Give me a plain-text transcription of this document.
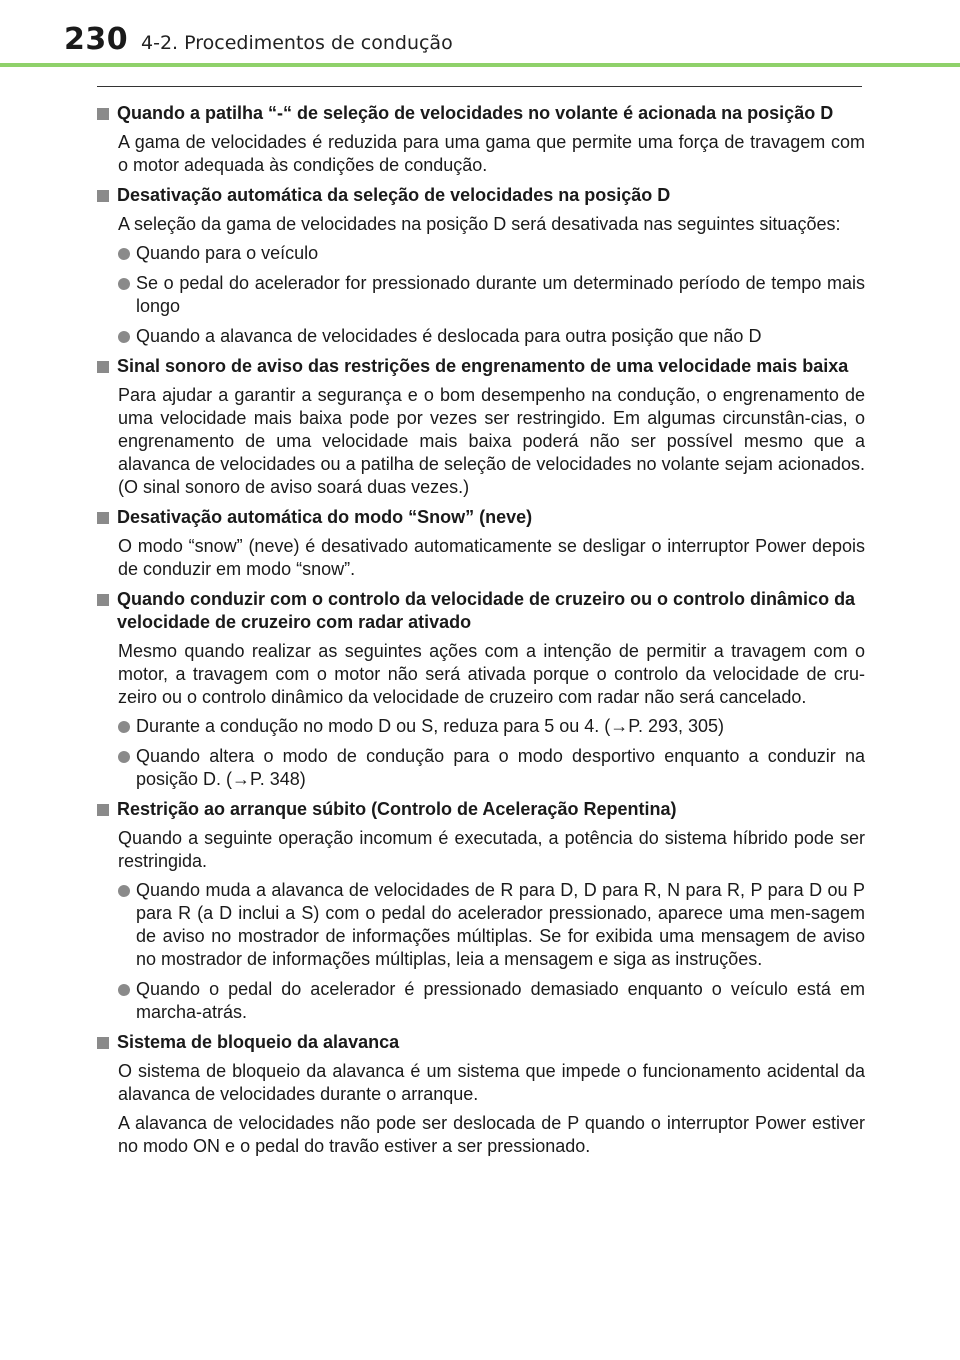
230 4-2. Procedimentos de condução
Quando a patilha “-“ de seleção de velocidades no volante é acionada na posição D
A gama de velocidades é reduzida para uma gama que permite uma força de travagem com o motor adequada às condições de condução.
Desativação automática da seleção de velocidades na posição D
A seleção da gama de velocidades na posição D será desativada nas seguintes situações:
Quando para o veículo
Se o pedal do acelerador for pressionado durante um determinado período de tempo mais longo
Quando a alavanca de velocidades é deslocada para outra posição que não D
Sinal sonoro de aviso das restrições de engrenamento de uma velocidade mais baixa
Para ajudar a garantir a segurança e o bom desempenho na condução, o engrenamento de uma velocidade mais baixa pode por vezes ser restringido. Em algumas circunstân-cias, o engrenamento de uma velocidade mais baixa poderá não ser possível mesmo que a alavanca de velocidades ou a patilha de seleção de velocidades no volante sejam acionados. (O sinal sonoro de aviso soará duas vezes.)
Desativação automática do modo “Snow” (neve)
O modo “snow” (neve) é desativado automaticamente se desligar o interruptor Power depois de conduzir em modo “snow”.
Quando conduzir com o controlo da velocidade de cruzeiro ou o controlo dinâmico da velocidade de cruzeiro com radar ativado
Mesmo quando realizar as seguintes ações com a intenção de permitir a travagem com o motor, a travagem com o motor não será ativada porque o controlo da velocidade de cru-zeiro ou o controlo dinâmico da velocidade de cruzeiro com radar não será cancelado.
Durante a condução no modo D ou S, reduza para 5 ou 4. (→P. 293, 305)
Quando altera o modo de condução para o modo desportivo enquanto a conduzir na posição D. (→P. 348)
Restrição ao arranque súbito (Controlo de Aceleração Repentina)
Quando a seguinte operação incomum é executada, a potência do sistema híbrido pode ser restringida.
Quando muda a alavanca de velocidades de R para D, D para R, N para R, P para D ou P para R (a D inclui a S) com o pedal do acelerador pressionado, aparece uma men-sagem de aviso no mostrador de informações múltiplas. Se for exibida uma mensagem de aviso no mostrador de informações múltiplas, leia a mensagem e siga as instruções.
Quando o pedal do acelerador é pressionado demasiado enquanto o veículo está em marcha-atrás.
Sistema de bloqueio da alavanca
O sistema de bloqueio da alavanca é um sistema que impede o funcionamento acidental da alavanca de velocidades durante o arranque.
A alavanca de velocidades não pode ser deslocada de P quando o interruptor Power estiver no modo ON e o pedal do travão estiver a ser pressionado.
